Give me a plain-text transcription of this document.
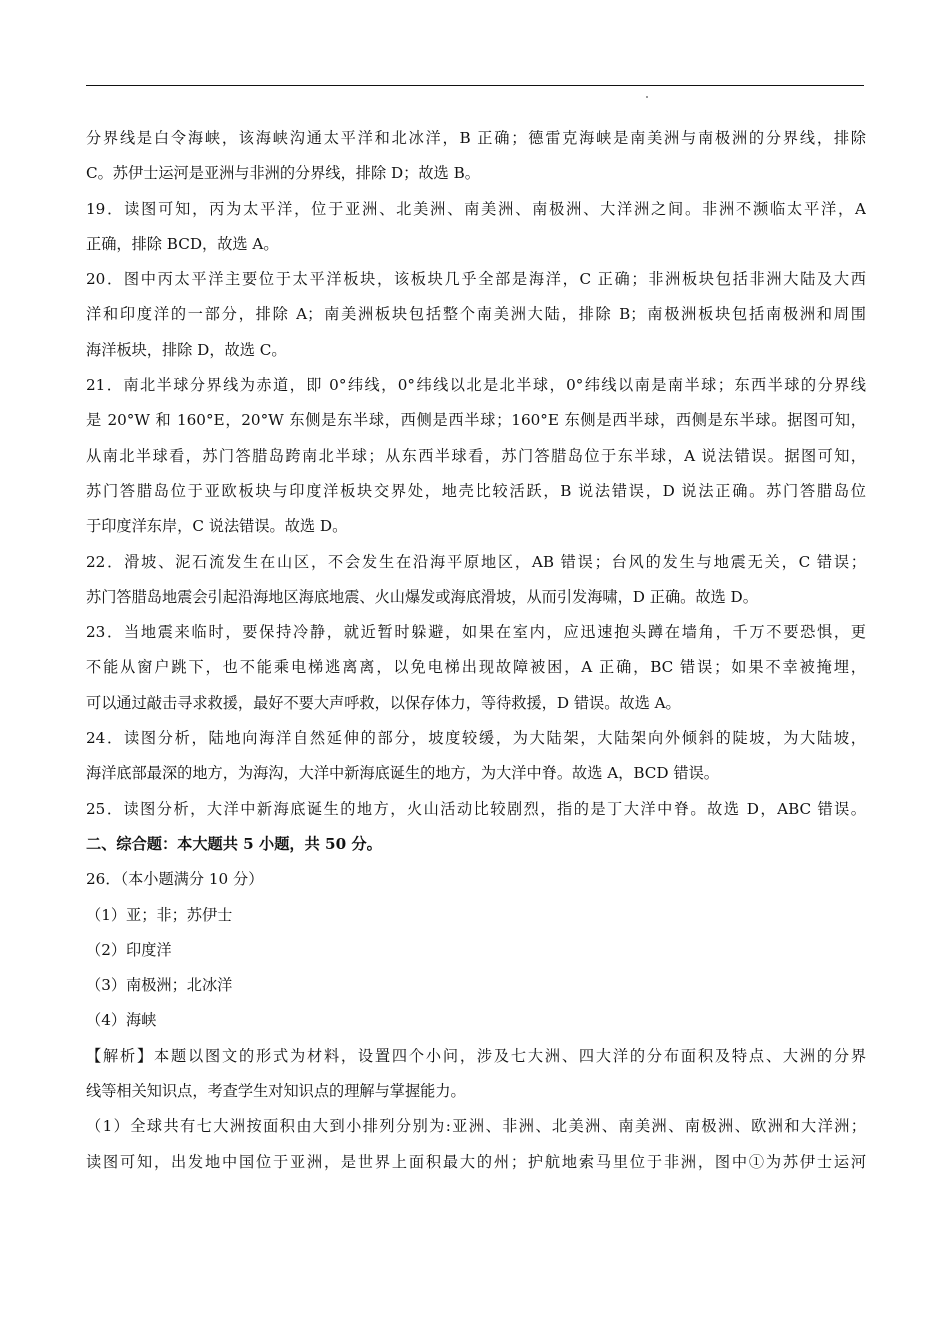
分界线是白令海峡，该海峡沟通太平洋和北冰洋，B 正确；德雷克海峡是南美洲与南极洲的分界线，排除
C。苏伊士运河是亚洲与非洲的分界线，排除 D；故选 B。
19．读图可知，丙为太平洋，位于亚洲、北美洲、南美洲、南极洲、大洋洲之间。非洲不濒临太平洋，A
正确，排除 BCD，故选 A。
20．图中丙太平洋主要位于太平洋板块，该板块几乎全部是海洋，C 正确；非洲板块包括非洲大陆及大西
洋和印度洋的一部分，排除 A；南美洲板块包括整个南美洲大陆，排除 B；南极洲板块包括南极洲和周围
海洋板块，排除 D，故选 C。
21．南北半球分界线为赤道，即 0°纬线，0°纬线以北是北半球，0°纬线以南是南半球；东西半球的分界线
是 20°W 和 160°E，20°W 东侧是东半球，西侧是西半球；160°E 东侧是西半球，西侧是东半球。据图可知，
从南北半球看，苏门答腊岛跨南北半球；从东西半球看，苏门答腊岛位于东半球，A 说法错误。据图可知，
苏门答腊岛位于亚欧板块与印度洋板块交界处，地壳比较活跃，B 说法错误，D 说法正确。苏门答腊岛位
于印度洋东岸，C 说法错误。故选 D。
22．滑坡、泥石流发生在山区，不会发生在沿海平原地区，AB 错误；台风的发生与地震无关，C 错误；
苏门答腊岛地震会引起沿海地区海底地震、火山爆发或海底滑坡，从而引发海啸，D 正确。故选 D。
23．当地震来临时，要保持冷静，就近暂时躲避，如果在室内，应迅速抱头蹲在墙角，千万不要恐惧，更
不能从窗户跳下，也不能乘电梯逃离离，以免电梯出现故障被困，A 正确，BC 错误；如果不幸被掩埋，
可以通过敲击寻求救援，最好不要大声呼救，以保存体力，等待救援，D 错误。故选 A。
24．读图分析，陆地向海洋自然延伸的部分，坡度较缓，为大陆架，大陆架向外倾斜的陡坡，为大陆坡，
海洋底部最深的地方，为海沟，大洋中新海底诞生的地方，为大洋中脊。故选 A，BCD 错误。
25．读图分析，大洋中新海底诞生的地方，火山活动比较剧烈，指的是丁大洋中脊。故选 D，ABC 错误。
二、综合题：本大题共 5 小题，共 50 分。
26．（本小题满分 10 分）
（1）亚；非；苏伊士
（2）印度洋
（3）南极洲；北冰洋
（4）海峡
【解析】本题以图文的形式为材料，设置四个小问，涉及七大洲、四大洋的分布面积及特点、大洲的分界
线等相关知识点，考查学生对知识点的理解与掌握能力。
（1）全球共有七大洲按面积由大到小排列分别为:亚洲、非洲、北美洲、南美洲、南极洲、欧洲和大洋洲；
读图可知，出发地中国位于亚洲，是世界上面积最大的州；护航地索马里位于非洲，图中①为苏伊士运河
